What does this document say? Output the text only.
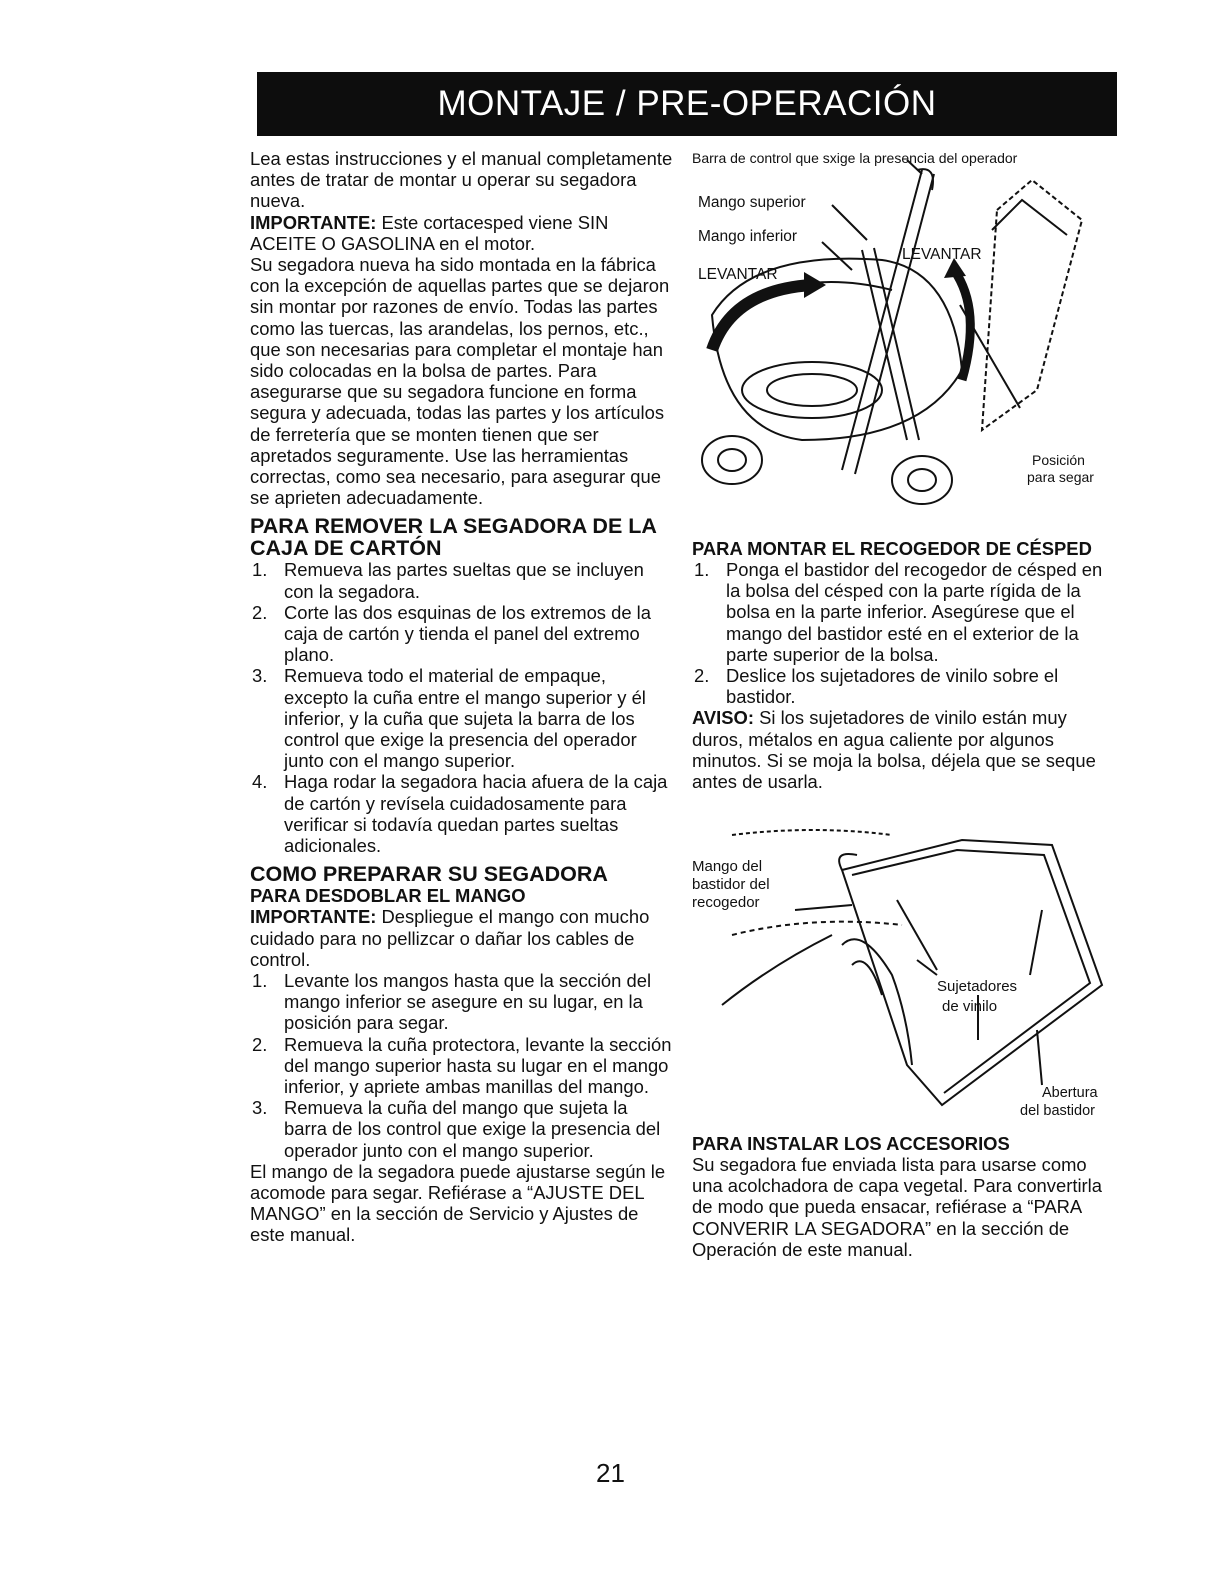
MONTAJE / PRE-OPERACIÓN

Lea estas instrucciones y el manual completamente antes de tratar de montar u operar su segadora nueva.

IMPORTANTE: Este cortacesped viene SIN ACEITE O GASOLINA en el motor.

Su segadora nueva ha sido montada en la fábrica con la excepción de aquellas partes que se dejaron sin montar por razones de envío. Todas las partes como las tuercas, las arandelas, los pernos, etc., que son necesarias para completar el montaje han sido colocadas en la bolsa de partes. Para asegurarse que su segadora funcione en forma segura y adecuada, todas las partes y los artículos de ferretería que se monten tienen que ser apretados seguramente. Use las herramientas correctas, como sea necesario, para asegurar que se aprieten adecuadamente.

PARA REMOVER LA SEGADORA DE LA CAJA DE CARTÓN
1. Remueva las partes sueltas que se incluyen con la segadora.
2. Corte las dos esquinas de los extremos de la caja de cartón y tienda el panel del extremo plano.
3. Remueva todo el material de empaque, excepto la cuña entre el mango superior y él inferior, y la cuña que sujeta la barra de los control que exige la presencia del operador junto con el mango superior.
4. Haga rodar la segadora hacia afuera de la caja de cartón y revísela cuidadosamente para verificar si todavía quedan partes sueltas adicionales.
COMO PREPARAR SU SEGADORA
PARA DESDOBLAR EL MANGO

IMPORTANTE: Despliegue el mango con mucho cuidado para no pellizcar o dañar los cables de control.

1. Levante los mangos hasta que la sección del mango inferior se asegure en su lugar, en la posición para segar.
2. Remueva la cuña protectora, levante la sección del mango superior hasta su lugar en el mango inferior, y apriete ambas manillas del mango.
3. Remueva la cuña del mango que sujeta la barra de los control que exige la presencia del operador junto con el mango superior.

El mango de la segadora puede ajustarse según le acomode para segar. Refiérase a “AJUSTE DEL MANGO” en la sección de Servicio y Ajustes de este manual.

Barra de control que sxige la presencia del operador
Mango superior
Mango inferior
LEVANTAR
LEVANTAR
Posición
para segar
PARA MONTAR EL RECOGEDOR DE CÉSPED
1. Ponga el bastidor del recogedor de césped en la bolsa del césped con la parte rígida de la bolsa en la parte inferior. Asegúrese que el mango del bastidor esté en el exterior de la parte superior de la bolsa.
2. Deslice los sujetadores de vinilo sobre el bastidor.

AVISO: Si los sujetadores de vinilo están muy duros, métalos en agua caliente por algunos minutos. Si se moja la bolsa, déjela que se seque antes de usarla.

Mango del
bastidor del
recogedor
Sujetadores
de vinilo
Abertura
del bastidor
PARA INSTALAR LOS ACCESORIOS

Su segadora fue enviada lista para usarse como una acolchadora de capa vegetal. Para convertirla de modo que pueda ensacar, refiérase a “PARA CONVERIR LA SEGADORA” en la sección de Operación de este manual.

21
